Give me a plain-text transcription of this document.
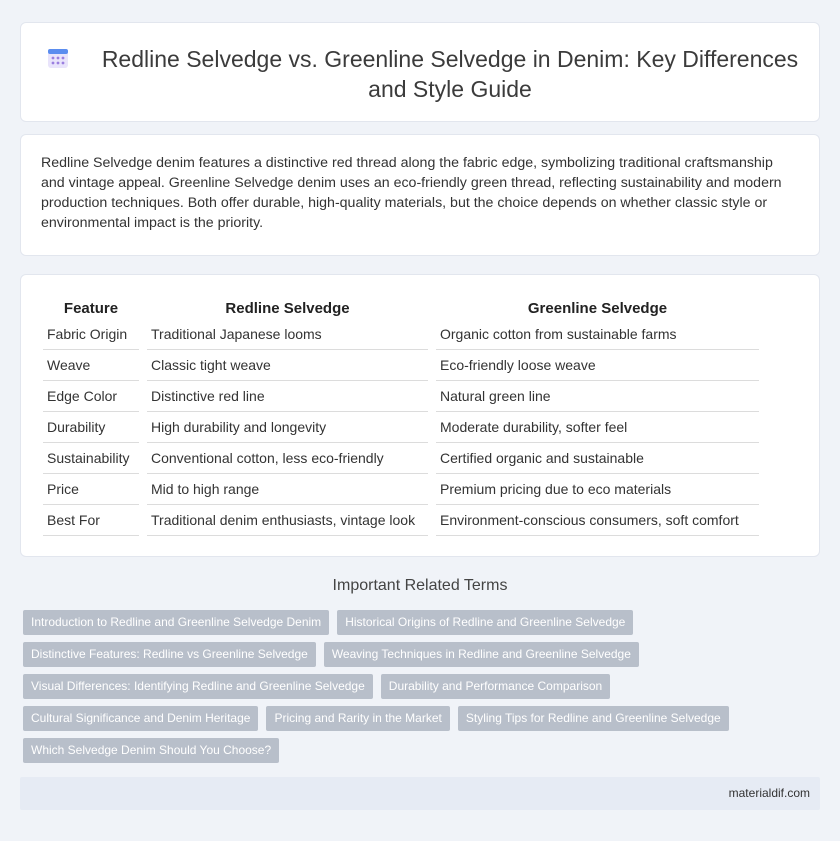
Redline Selvedge vs. Greenline Selvedge in Denim: Key Differences
and Style Guide

Redline Selvedge denim features a distinctive red thread along the fabric edge, symbolizing traditional craftsmanship and vintage appeal. Greenline Selvedge denim uses an eco-friendly green thread, reflecting sustainability and modern production techniques. Both offer durable, high-quality materials, but the choice depends on whether classic style or environmental impact is the priority.

Feature		Redline Selvedge		Greenline Selvedge
Fabric Origin		Traditional Japanese looms		Organic cotton from sustainable farms
Weave		Classic tight weave		Eco-friendly loose weave
Edge Color		Distinctive red line		Natural green line
Durability		High durability and longevity		Moderate durability, softer feel
Sustainability		Conventional cotton, less eco-friendly		Certified organic and sustainable
Price		Mid to high range		Premium pricing due to eco materials
Best For		Traditional denim enthusiasts, vintage look		Environment-conscious consumers, soft comfort
Important Related Terms
Introduction to Redline and Greenline Selvedge Denim	Historical Origins of Redline and Greenline Selvedge
Distinctive Features: Redline vs Greenline Selvedge	Weaving Techniques in Redline and Greenline Selvedge
Visual Differences: Identifying Redline and Greenline Selvedge	Durability and Performance Comparison
Cultural Significance and Denim Heritage	Pricing and Rarity in the Market	Styling Tips for Redline and Greenline Selvedge
Which Selvedge Denim Should You Choose?
materialdif.com
